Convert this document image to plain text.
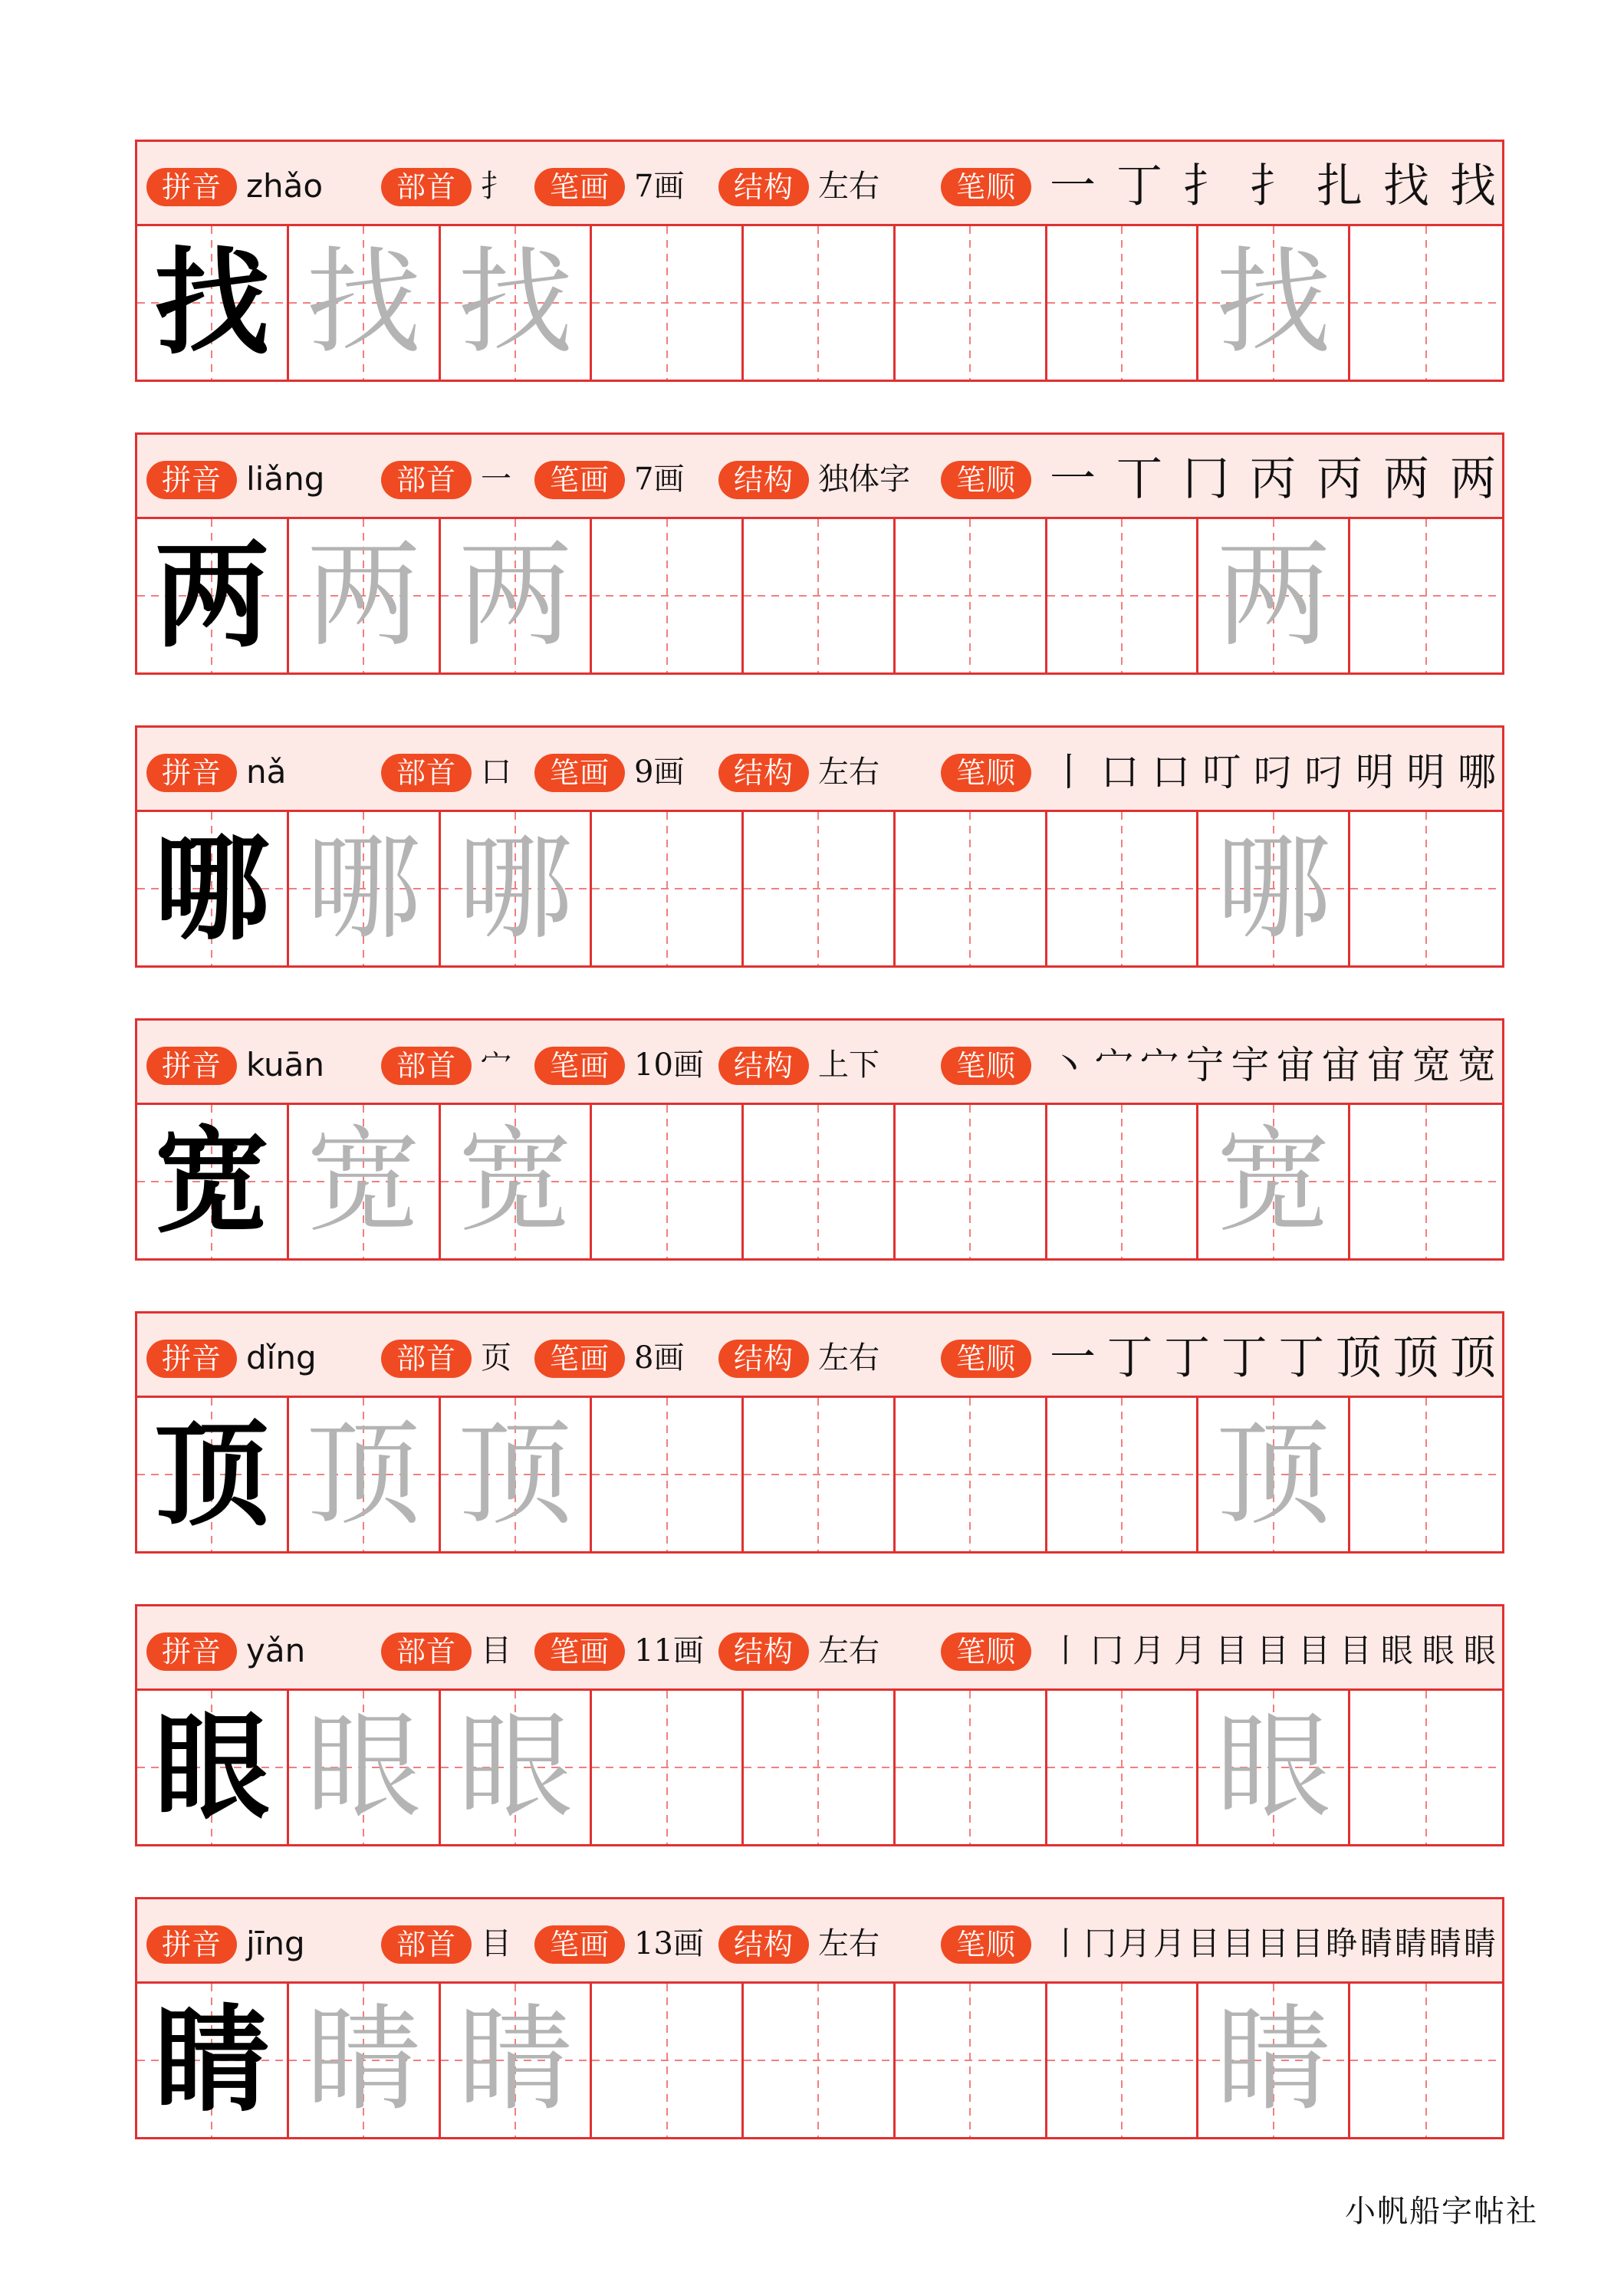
拼音	部首	笔画	结构	笔顺
zhǎo	扌	7画	左右	一 丁 扌 扌 扎 找 找
找 找 找	找
拼音	部首	笔画	结构	笔顺
liǎng	一	7画	独体字	一 丅 冂 丙 丙 两 两
两 两 两	两
拼音	部首	笔画	结构	笔顺
nǎ	口	9画	左右	丨 口 口 叮 叼 叼 明 明 哪
哪 哪 哪	哪
拼音	部首	笔画	结构	笔顺
kuān	宀	10画	上下	丶 宀 宀 宁 宇 宙 宙 宙 宽 宽
宽 宽 宽	宽
拼音	部首	笔画	结构	笔顺
dǐng	页	8画	左右	一 丁 丁 丁 丁 顶 顶 顶
顶 顶 顶	顶
拼音	部首	笔画	结构	笔顺
yǎn	目	11画	左右	丨 冂 月 月 目 目 目 目 眼 眼 眼
眼 眼 眼	眼
拼音	部首	笔画	结构	笔顺
jīng	目	13画	左右	丨 冂 月 月 目 目 目 目 睁 睛 睛 睛 睛
睛 睛 睛	睛
小帆船字帖社
